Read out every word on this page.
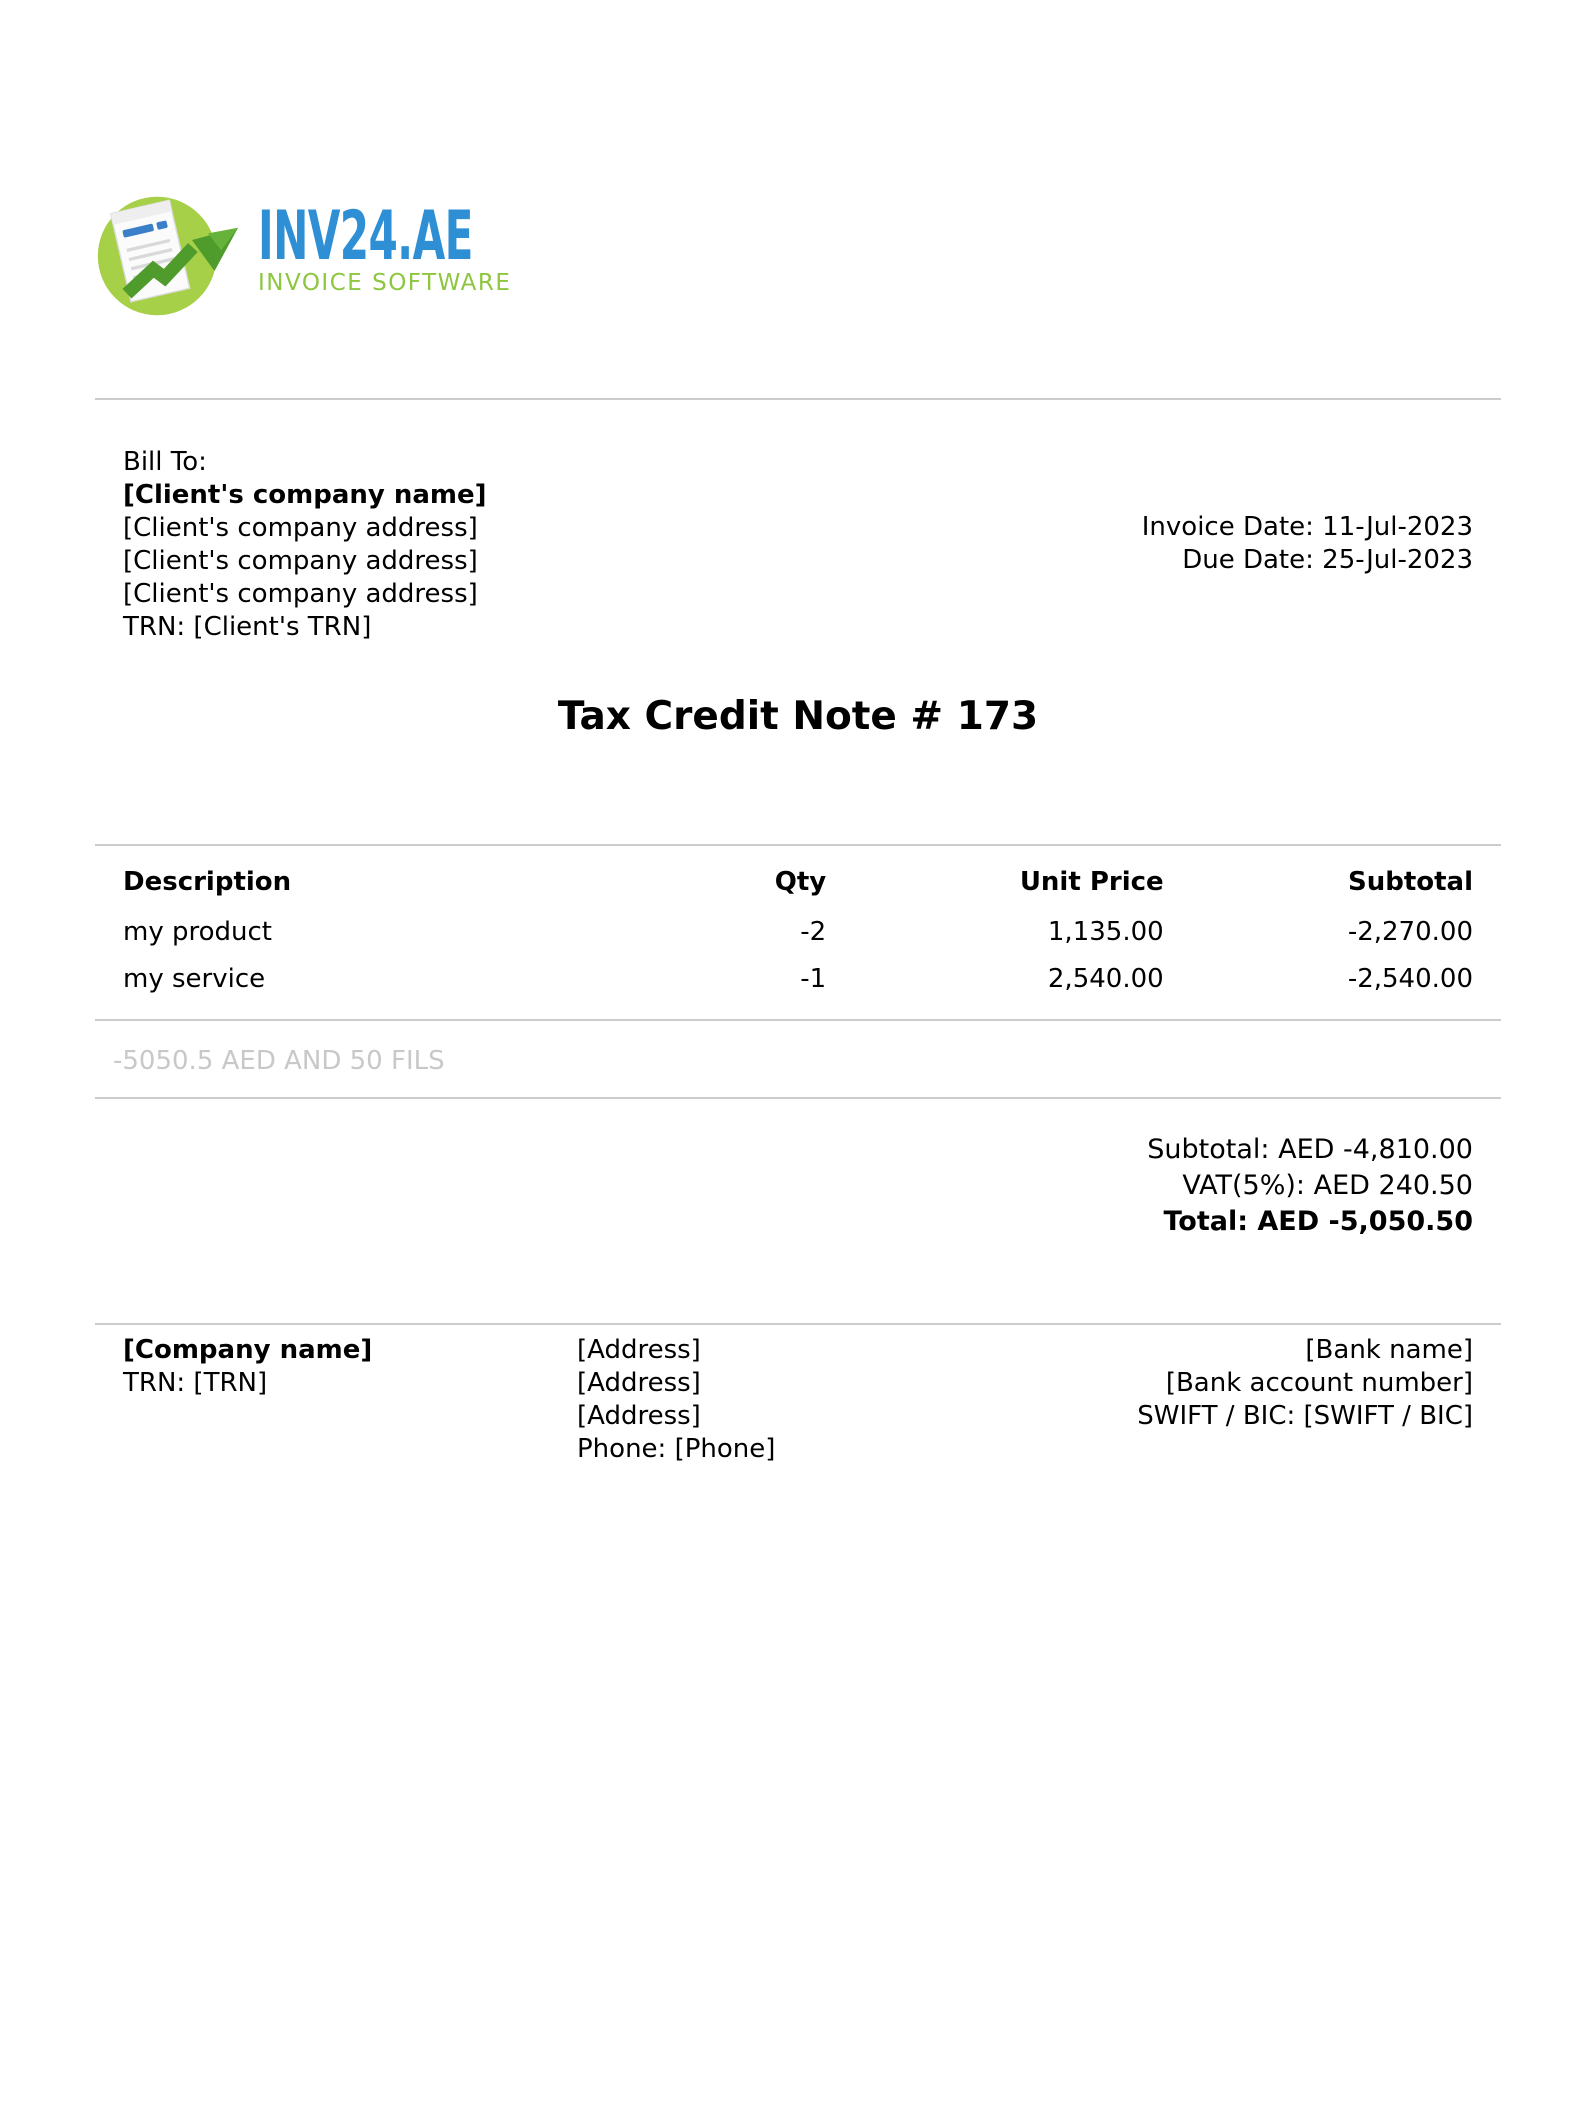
INV24.AE
INVOICE SOFTWARE
Bill To:
[Client's company name]
[Client's company address]
[Client's company address]
[Client's company address]
TRN: [Client's TRN]
Invoice Date: 11-Jul-2023
Due Date: 25-Jul-2023
Tax Credit Note # 173
Description	Qty	Unit Price	Subtotal
my product	-2	1,135.00	-2,270.00
my service	-1	2,540.00	-2,540.00
-5050.5 AED AND 50 FILS
Subtotal: AED -4,810.00
VAT(5%): AED 240.50
Total: AED -5,050.50
[Company name]
TRN: [TRN]
[Address]
[Address]
[Address]
Phone: [Phone]
[Bank name]
[Bank account number]
SWIFT / BIC: [SWIFT / BIC]
